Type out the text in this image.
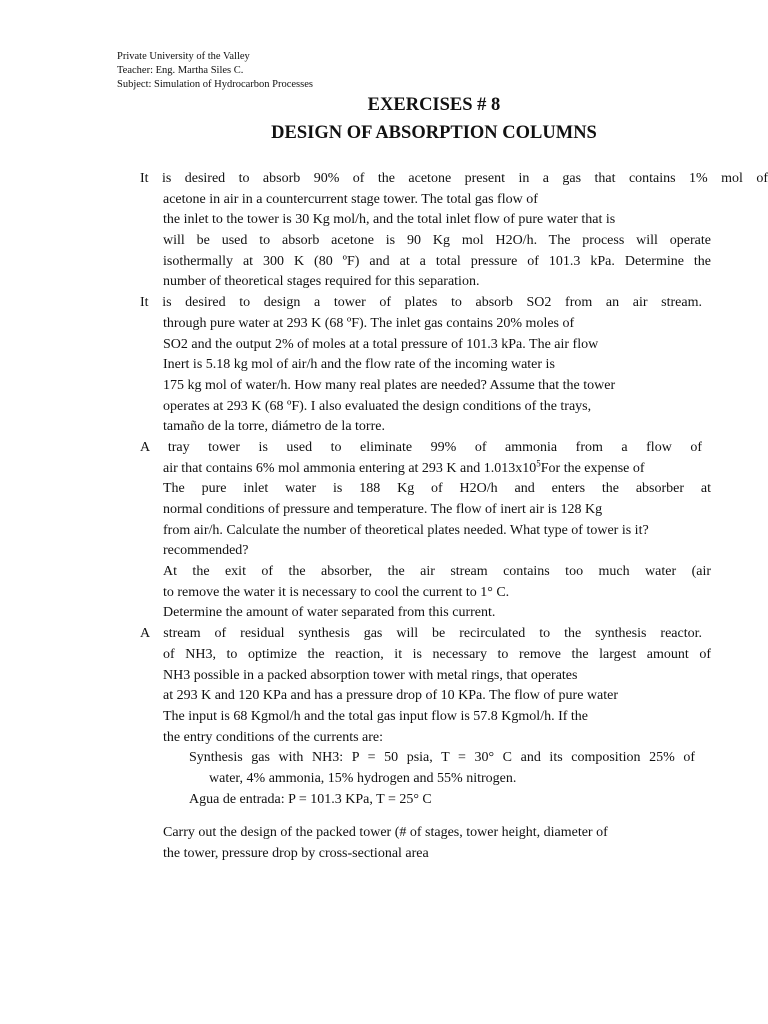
Private University of the Valley
Teacher: Eng. Martha Siles C.
Subject: Simulation of Hydrocarbon Processes
EXERCISES # 8
DESIGN OF ABSORPTION COLUMNS
It is desired to absorb 90% of the acetone present in a gas that contains 1% mol of
acetone in air in a countercurrent stage tower. The total gas flow of
the inlet to the tower is 30 Kg mol/h, and the total inlet flow of pure water that is
will be used to absorb acetone is 90 Kg mol H2O/h. The process will operate
isothermally at 300 K (80 ºF) and at a total pressure of 101.3 kPa. Determine the
number of theoretical stages required for this separation.
It is desired to design a tower of plates to absorb SO2 from an air stream.
through pure water at 293 K (68 ºF). The inlet gas contains 20% moles of
SO2 and the output 2% of moles at a total pressure of 101.3 kPa. The air flow
Inert is 5.18 kg mol of air/h and the flow rate of the incoming water is
175 kg mol of water/h. How many real plates are needed? Assume that the tower
operates at 293 K (68 ºF). I also evaluated the design conditions of the trays,
tamaño de la torre, diámetro de la torre.
A tray tower is used to eliminate 99% of ammonia from a flow of
air that contains 6% mol ammonia entering at 293 K and $1.013x10^5For$ the expense of
The pure inlet water is 188 Kg of H2O/h and enters the absorber at
normal conditions of pressure and temperature. The flow of inert air is 128 Kg
from air/h. Calculate the number of theoretical plates needed. What type of tower is it?
recommended?
At the exit of the absorber, the air stream contains too much water (air
to remove the water it is necessary to cool the current to 1° C.
Determine the amount of water separated from this current.
A stream of residual synthesis gas will be recirculated to the synthesis reactor.
of NH3, to optimize the reaction, it is necessary to remove the largest amount of
NH3 possible in a packed absorption tower with metal rings, that operates
at 293 K and 120 KPa and has a pressure drop of 10 KPa. The flow of pure water
The input is 68 Kgmol/h and the total gas input flow is 57.8 Kgmol/h. If the
the entry conditions of the currents are:
Synthesis gas with NH3: P = 50 psia, T = 30° C and its composition 25% of
water, 4% ammonia, 15% hydrogen and 55% nitrogen.
Agua de entrada: P = 101.3 KPa, T = 25° C
Carry out the design of the packed tower (# of stages, tower height, diameter of
the tower, pressure drop by cross-sectional area
